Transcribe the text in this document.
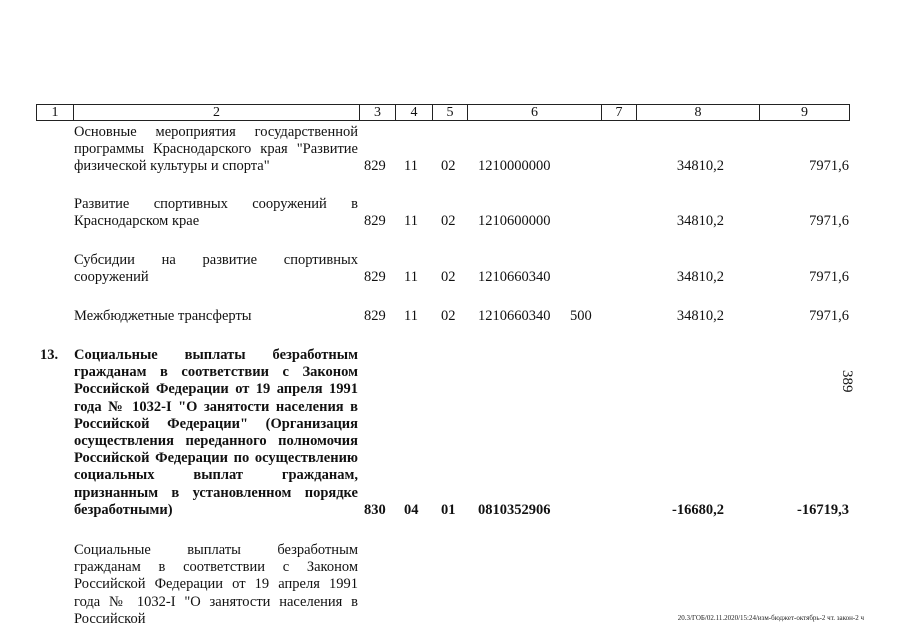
1	2	3	4	5	6	7	8	9
Основные мероприятия государственной программы Краснодарского края "Развитие физической культуры и спорта"	829 11 02 1210000000	34810,2	7971,6
Развитие спортивных сооружений в Краснодарском крае	829 11 02 1210600000	34810,2	7971,6
Субсидии на развитие спортивных сооружений	829 11 02 1210660340	34810,2	7971,6
Межбюджетные трансферты	829 11 02 1210660340 500	34810,2	7971,6
13.	Социальные выплаты безработным гражданам в соответствии с Законом Российской Федерации от 19 апреля 1991 года № 1032-I "О занятости населения в Российской Федерации" (Организация осуществления переданного полномочия Российской Федерации по осуществлению социальных выплат гражданам, признанным в установленном порядке безработными)	830 04 01 0810352906	-16680,2	-16719,3
Социальные выплаты безработным гражданам в соответствии с Законом Российской Федерации от 19 апреля 1991 года № 1032-I "О занятости населения в Российской
389
20.3/ГОБ/02.11.2020/15:24/изм-бюджет-октябрь-2 чт. закон-2 ч
